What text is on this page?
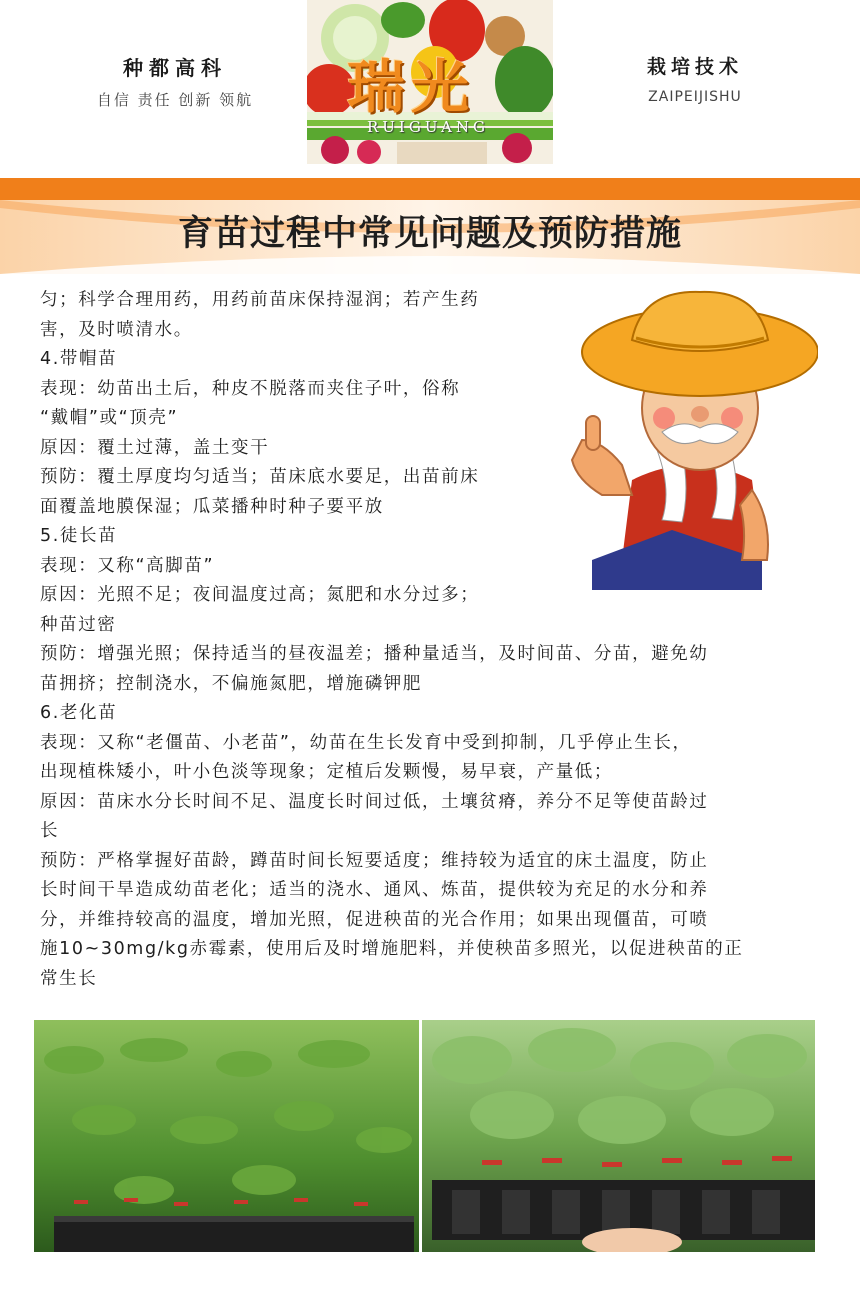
种都高科
自信 责任 创新 领航 瑞光
RUIGUANG
栽培技术
ZAIPEIJISHU
育苗过程中常见问题及预防措施
匀；科学合理用药，用药前苗床保持湿润；若产生药
害，及时喷清水。
4.带帽苗
表现：幼苗出土后，种皮不脱落而夹住子叶，俗称
“戴帽”或“顶壳”
原因：覆土过薄，盖土变干
预防：覆土厚度均匀适当；苗床底水要足，出苗前床
面覆盖地膜保湿；瓜菜播种时种子要平放
5.徒长苗
表现：又称“高脚苗”
原因：光照不足；夜间温度过高；氮肥和水分过多；
种苗过密
预防：增强光照；保持适当的昼夜温差；播种量适当，及时间苗、分苗，避免幼
苗拥挤；控制浇水，不偏施氮肥，增施磷钾肥
6.老化苗
表现：又称“老僵苗、小老苗”，幼苗在生长发育中受到抑制，几乎停止生长，
出现植株矮小，叶小色淡等现象；定植后发颗慢，易早衰，产量低；
原因：苗床水分长时间不足、温度长时间过低，土壤贫瘠，养分不足等使苗龄过
长
预防：严格掌握好苗龄，蹲苗时间长短要适度；维持较为适宜的床土温度，防止
长时间干旱造成幼苗老化；适当的浇水、通风、炼苗，提供较为充足的水分和养
分，并维持较高的温度，增加光照，促进秧苗的光合作用；如果出现僵苗，可喷
施10~30mg/kg赤霉素，使用后及时增施肥料，并使秧苗多照光，以促进秧苗的正
常生长
